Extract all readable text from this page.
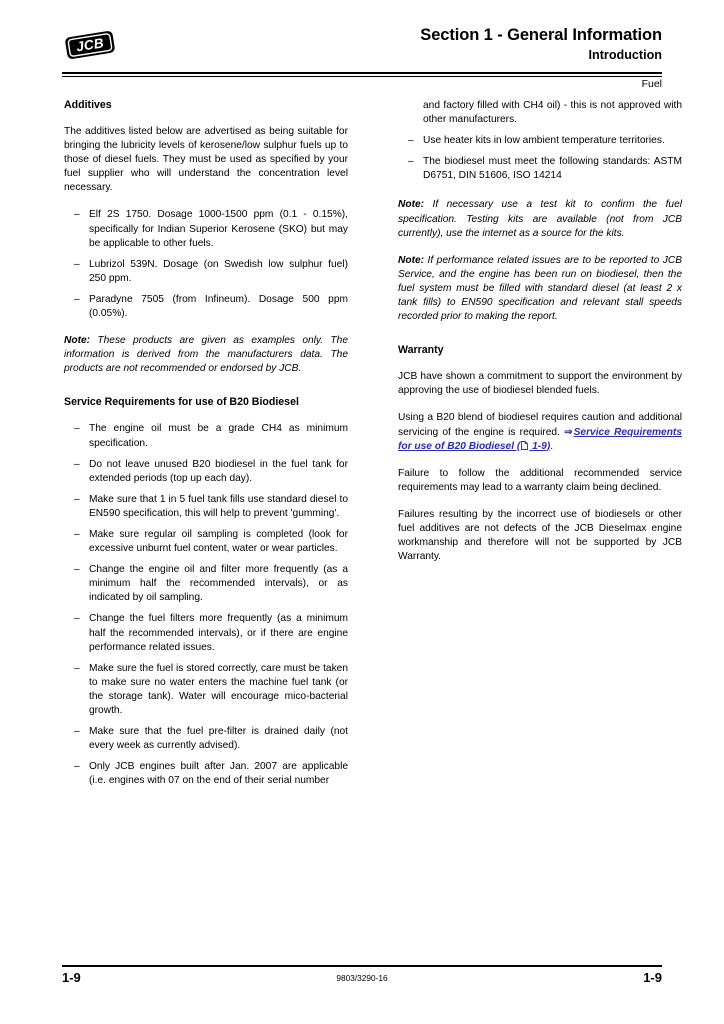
JCB
Section 1 - General Information
Introduction
Fuel
Additives

The additives listed below are advertised as being suitable for bringing the lubricity levels of kerosene/low sulphur fuels up to those of diesel fuels. They must be used as specified by your fuel supplier who will understand the concentration level necessary.

– Elf 2S 1750. Dosage 1000-1500 ppm (0.1 - 0.15%), specifically for Indian Superior Kerosene (SKO) but may be applicable to other fuels.
– Lubrizol 539N. Dosage (on Swedish low sulphur fuel) 250 ppm.
– Paradyne 7505 (from Infineum). Dosage 500 ppm (0.05%).

Note: These products are given as examples only. The information is derived from the manufacturers data. The products are not recommended or endorsed by JCB.

Service Requirements for use of B20 Biodiesel
– The engine oil must be a grade CH4 as minimum specification.
– Do not leave unused B20 biodiesel in the fuel tank for extended periods (top up each day).
– Make sure that 1 in 5 fuel tank fills use standard diesel to EN590 specification, this will help to prevent 'gumming'.
– Make sure regular oil sampling is completed (look for excessive unburnt fuel content, water or wear particles.
– Change the engine oil and filter more frequently (as a minimum half the recommended intervals), or as indicated by oil sampling.
– Change the fuel filters more frequently (as a minimum half the recommended intervals), or if there are engine performance related issues.
– Make sure the fuel is stored correctly, care must be taken to make sure no water enters the machine fuel tank (or the storage tank). Water will encourage mico-bacterial growth.
– Make sure that the fuel pre-filter is drained daily (not every week as currently advised).
– Only JCB engines built after Jan. 2007 are applicable (i.e. engines with 07 on the end of their serial number

and factory filled with CH4 oil) - this is not approved with other manufacturers.

– Use heater kits in low ambient temperature territories.
– The biodiesel must meet the following standards: ASTM D6751, DIN 51606, ISO 14214

Note: If necessary use a test kit to confirm the fuel specification. Testing kits are available (not from JCB currently), use the internet as a source for the kits.

Note: If performance related issues are to be reported to JCB Service, and the engine has been run on biodiesel, then the fuel system must be filled with standard diesel (at least 2 x tank fills) to EN590 specification and relevant stall speeds recorded prior to making the report.

Warranty

JCB have shown a commitment to support the environment by approving the use of biodiesel blended fuels.

Using a B20 blend of biodiesel requires caution and additional servicing of the engine is required. ⇒Service Requirements for use of B20 Biodiesel (
1-9).

Failure to follow the additional recommended service requirements may lead to a warranty claim being declined.

Failures resulting by the incorrect use of biodiesels or other fuel additives are not defects of the JCB Dieselmax engine workmanship and therefore will not be supported by JCB Warranty.

1-9	9803/3290-16	1-9
